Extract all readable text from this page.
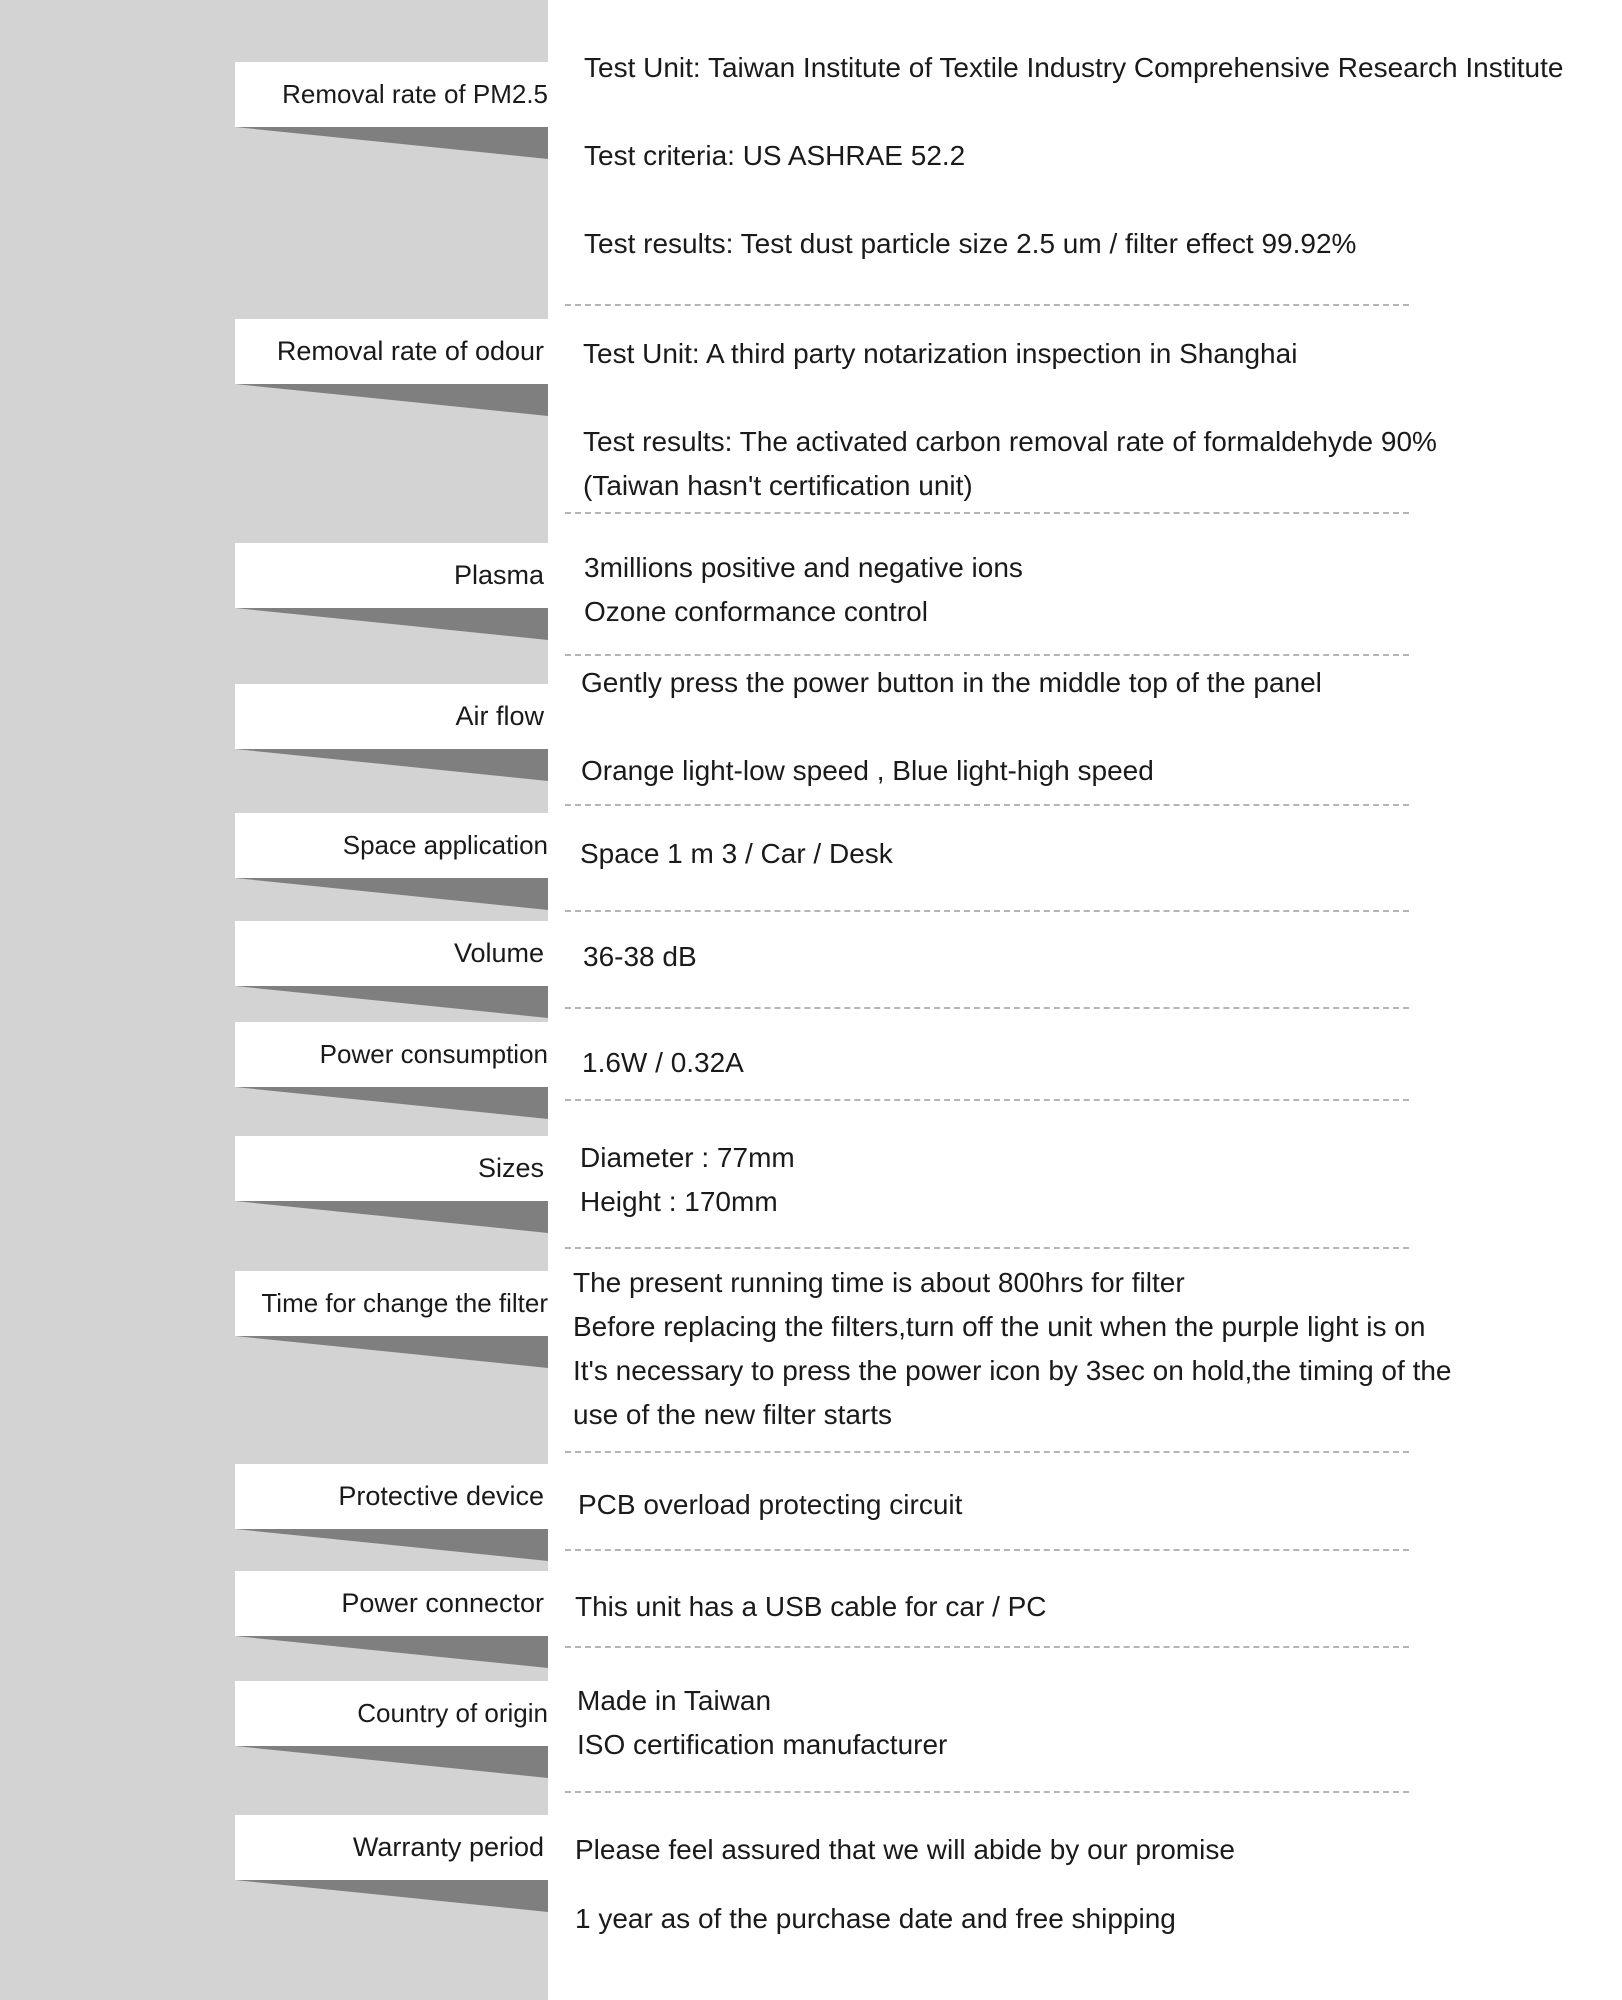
Removal rate of PM2.5
Test Unit: Taiwan Institute of Textile Industry Comprehensive Research Institute
Test criteria: US ASHRAE 52.2
Test results: Test dust particle size 2.5 um / filter effect 99.92%
Removal rate of odour Test Unit: A third party notarization inspection in Shanghai
Test results: The activated carbon removal rate of formaldehyde 90%
(Taiwan hasn't certification unit)
Plasma 3millions positive and negative ions
Ozone conformance control
Air flow
Gently press the power button in the middle top of the panel
Orange light-low speed , Blue light-high speed
Space application Space 1 m 3 / Car / Desk
Volume 36-38 dB
Power consumption 1.6W / 0.32A
Sizes Diameter : 77mm
Height : 170mm
Time for change the filter
The present running time is about 800hrs for filter
Before replacing the filters,turn off the unit when the purple light is on
It's necessary to press the power icon by 3sec on hold,the timing of the
use of the new filter starts
Protective device PCB overload protecting circuit
Power connector This unit has a USB cable for car / PC
Country of origin Made in Taiwan
ISO certification manufacturer
Warranty period Please feel assured that we will abide by our promise
1 year as of the purchase date and free shipping
